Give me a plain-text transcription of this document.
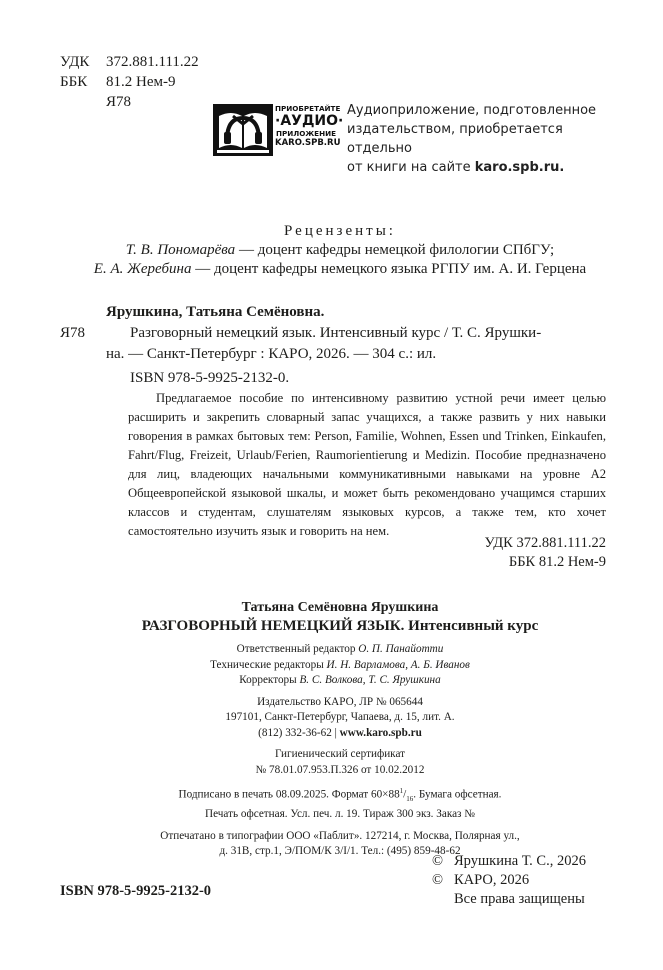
УДК 372.881.111.22
ББК 81.2 Нем-9
Я78	ПРИОБРЕТАЙТЕ
·АУДИО·
ПРИЛОЖЕНИЕ
KARO.SPB.RU
Аудиоприложение, подготовленное
издательством, приобретается отдельно
от книги на сайте karo.spb.ru.
Рецензенты:
Т. В. Пономарёва — доцент кафедры немецкой филологии СПбГУ;
Е. А. Жеребина — доцент кафедры немецкого языка РГПУ им. А. И. Герцена
Ярушкина, Татьяна Семёновна.
Я78	Разговорный немецкий язык. Интенсивный курс / Т. С. Ярушки-
на. — Санкт-Петербург : КАРО, 2026. — 304 с.: ил.
ISBN 978-5-9925-2132-0.

Предлагаемое пособие по интенсивному развитию устной речи имеет целью расширить и закрепить словарный запас учащихся, а также развить у них навыки говорения в рамках бытовых тем: Person, Familie, Wohnen, Essen und Trinken, Einkaufen, Fahrt/Flug, Freizeit, Urlaub/Ferien, Raumorientierung и Medizin. Пособие предназначено для лиц, владеющих начальными коммуникативными навыками на уровне А2 Общеевропейской языковой шкалы, и может быть рекомендовано учащимся старших классов и студентам, слушателям языковых курсов, а также тем, кто хочет самостоятельно изучить язык и говорить на нем.

УДК 372.881.111.22
ББК 81.2 Нем-9
Татьяна Семёновна Ярушкина
РАЗГОВОРНЫЙ НЕМЕЦКИЙ ЯЗЫК. Интенсивный курс
Ответственный редактор О. П. Панайотти
Технические редакторы И. Н. Варламова, А. Б. Иванов
Корректоры В. С. Волкова, Т. С. Ярушкина
Издательство КАРО, ЛР № 065644
197101, Санкт-Петербург, Чапаева, д. 15, лит. А.
(812) 332-36-62 | www.karo.spb.ru
Гигиенический сертификат
№ 78.01.07.953.П.326 от 10.02.2012
Подписано в печать 08.09.2025. Формат $60\times 88^1/_{16}$. Бумага офсетная.
Печать офсетная. Усл. печ. л. 19. Тираж 300 экз. Заказ №
Отпечатано в типографии ООО «Паблит». 127214, г. Москва, Полярная ул.,
д. 31В, стр.1, Э/ПОМ/К 3/I/1. Тел.: (495) 859-48-62
© Ярушкина Т. С., 2026
© КАРО, 2026
Все права защищены
ISBN 978-5-9925-2132-0
